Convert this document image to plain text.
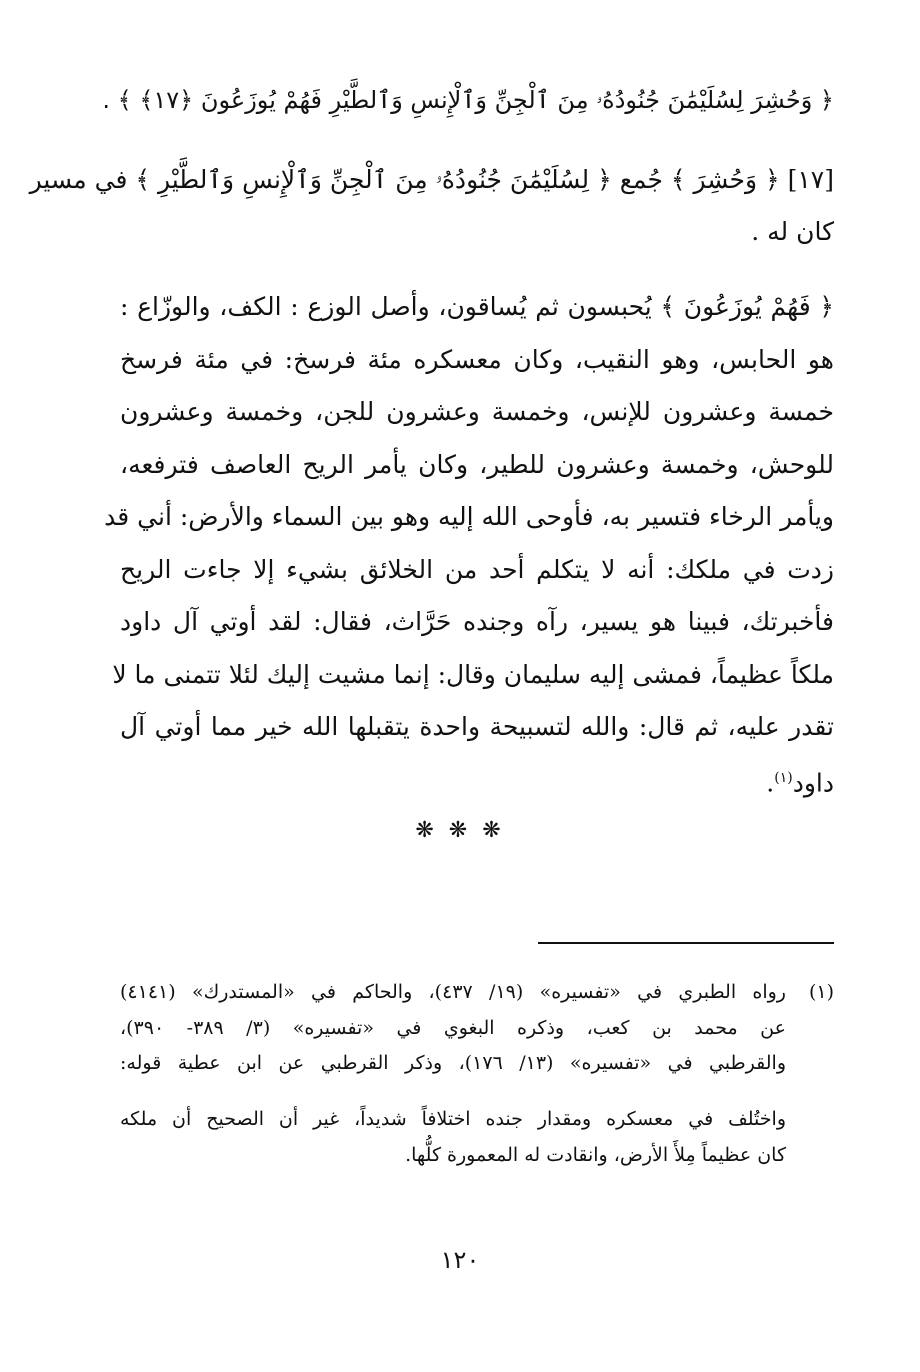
﴿ وَحُشِرَ لِسُلَيْمَٰنَ جُنُودُهُۥ مِنَ ٱلْجِنِّ وَٱلْإِنسِ وَٱلطَّيْرِ فَهُمْ يُوزَعُونَ ﴿١٧﴾ ﴾ .
[١٧] ﴿ وَحُشِرَ ﴾ جُمع ﴿ لِسُلَيْمَٰنَ جُنُودُهُۥ مِنَ ٱلْجِنِّ وَٱلْإِنسِ وَٱلطَّيْرِ ﴾ في مسير
كان له .
﴿ فَهُمْ يُوزَعُونَ ﴾ يُحبسون ثم يُساقون، وأصل الوزع : الكف، والوزّاع :
هو الحابس، وهو النقيب، وكان معسكره مئة فرسخ: في مئة فرسخ
خمسة وعشرون للإنس، وخمسة وعشرون للجن، وخمسة وعشرون
للوحش، وخمسة وعشرون للطير، وكان يأمر الريح العاصف فترفعه،
ويأمر الرخاء فتسير به، فأوحى الله إليه وهو بين السماء والأرض: أني قد
زدت في ملكك: أنه لا يتكلم أحد من الخلائق بشيء إلا جاءت الريح
فأخبرتك، فبينا هو يسير، رآه وجنده حَرَّاث، فقال: لقد أوتي آل داود
ملكاً عظيماً، فمشى إليه سليمان وقال: إنما مشيت إليك لئلا تتمنى ما لا
تقدر عليه، ثم قال: والله لتسبيحة واحدة يتقبلها الله خير مما أوتي آل
داود$^{(١)}$.
❋ ❋ ❋
(١)
رواه الطبري في «تفسيره» (١٩/ ٤٣٧)، والحاكم في «المستدرك» (٤١٤١)
عن محمد بن كعب، وذكره البغوي في «تفسيره» (٣/ ٣٨٩- ٣٩٠)،
والقرطبي في «تفسيره» (١٣/ ١٧٦)، وذكر القرطبي عن ابن عطية قوله:
واختُلف في معسكره ومقدار جنده اختلافاً شديداً، غير أن الصحيح أن ملكه
كان عظيماً مِلأَ الأرض، وانقادت له المعمورة كلُّها.
١٢٠
